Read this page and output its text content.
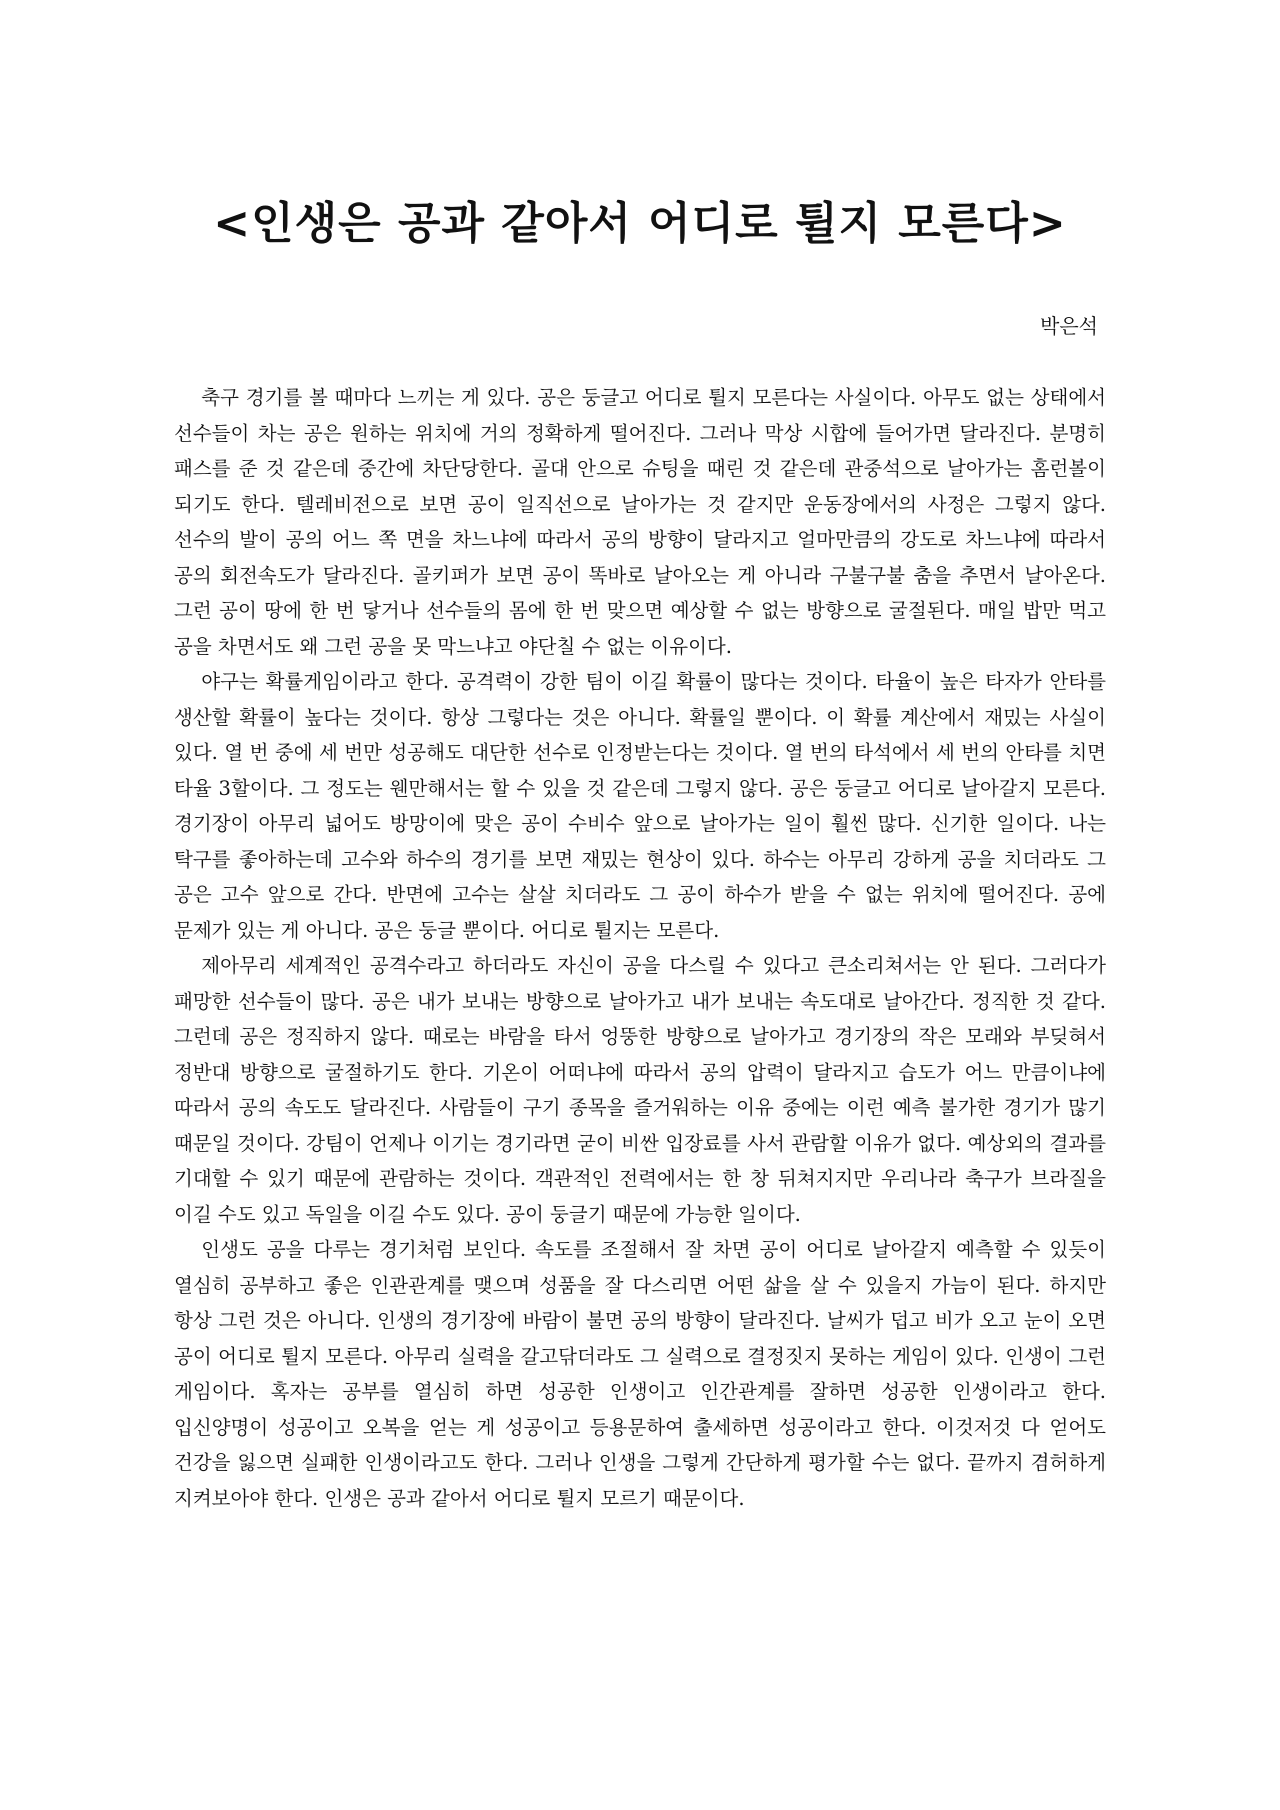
<인생은 공과 같아서 어디로 튈지 모른다>
박은석

축구 경기를 볼 때마다 느끼는 게 있다. 공은 둥글고 어디로 튈지 모른다는 사실이다. 아무도 없는 상태에서 선수들이 차는 공은 원하는 위치에 거의 정확하게 떨어진다. 그러나 막상 시합에 들어가면 달라진다. 분명히 패스를 준 것 같은데 중간에 차단당한다. 골대 안으로 슈팅을 때린 것 같은데 관중석으로 날아가는 홈런볼이 되기도 한다. 텔레비전으로 보면 공이 일직선으로 날아가는 것 같지만 운동장에서의 사정은 그렇지 않다. 선수의 발이 공의 어느 쪽 면을 차느냐에 따라서 공의 방향이 달라지고 얼마만큼의 강도로 차느냐에 따라서 공의 회전속도가 달라진다. 골키퍼가 보면 공이 똑바로 날아오는 게 아니라 구불구불 춤을 추면서 날아온다. 그런 공이 땅에 한 번 닿거나 선수들의 몸에 한 번 맞으면 예상할 수 없는 방향으로 굴절된다. 매일 밥만 먹고 공을 차면서도 왜 그런 공을 못 막느냐고 야단칠 수 없는 이유이다.

야구는 확률게임이라고 한다. 공격력이 강한 팀이 이길 확률이 많다는 것이다. 타율이 높은 타자가 안타를 생산할 확률이 높다는 것이다. 항상 그렇다는 것은 아니다. 확률일 뿐이다. 이 확률 계산에서 재밌는 사실이 있다. 열 번 중에 세 번만 성공해도 대단한 선수로 인정받는다는 것이다. 열 번의 타석에서 세 번의 안타를 치면 타율 3할이다. 그 정도는 웬만해서는 할 수 있을 것 같은데 그렇지 않다. 공은 둥글고 어디로 날아갈지 모른다. 경기장이 아무리 넓어도 방망이에 맞은 공이 수비수 앞으로 날아가는 일이 훨씬 많다. 신기한 일이다. 나는 탁구를 좋아하는데 고수와 하수의 경기를 보면 재밌는 현상이 있다. 하수는 아무리 강하게 공을 치더라도 그 공은 고수 앞으로 간다. 반면에 고수는 살살 치더라도 그 공이 하수가 받을 수 없는 위치에 떨어진다. 공에 문제가 있는 게 아니다. 공은 둥글 뿐이다. 어디로 튈지는 모른다.

제아무리 세계적인 공격수라고 하더라도 자신이 공을 다스릴 수 있다고 큰소리쳐서는 안 된다. 그러다가 패망한 선수들이 많다. 공은 내가 보내는 방향으로 날아가고 내가 보내는 속도대로 날아간다. 정직한 것 같다. 그런데 공은 정직하지 않다. 때로는 바람을 타서 엉뚱한 방향으로 날아가고 경기장의 작은 모래와 부딪혀서 정반대 방향으로 굴절하기도 한다. 기온이 어떠냐에 따라서 공의 압력이 달라지고 습도가 어느 만큼이냐에 따라서 공의 속도도 달라진다. 사람들이 구기 종목을 즐거워하는 이유 중에는 이런 예측 불가한 경기가 많기 때문일 것이다. 강팀이 언제나 이기는 경기라면 굳이 비싼 입장료를 사서 관람할 이유가 없다. 예상외의 결과를 기대할 수 있기 때문에 관람하는 것이다. 객관적인 전력에서는 한 창 뒤쳐지지만 우리나라 축구가 브라질을 이길 수도 있고 독일을 이길 수도 있다. 공이 둥글기 때문에 가능한 일이다.

인생도 공을 다루는 경기처럼 보인다. 속도를 조절해서 잘 차면 공이 어디로 날아갈지 예측할 수 있듯이 열심히 공부하고 좋은 인관관계를 맺으며 성품을 잘 다스리면 어떤 삶을 살 수 있을지 가늠이 된다. 하지만 항상 그런 것은 아니다. 인생의 경기장에 바람이 불면 공의 방향이 달라진다. 날씨가 덥고 비가 오고 눈이 오면 공이 어디로 튈지 모른다. 아무리 실력을 갈고닦더라도 그 실력으로 결정짓지 못하는 게임이 있다. 인생이 그런 게임이다. 혹자는 공부를 열심히 하면 성공한 인생이고 인간관계를 잘하면 성공한 인생이라고 한다. 입신양명이 성공이고 오복을 얻는 게 성공이고 등용문하여 출세하면 성공이라고 한다. 이것저것 다 얻어도 건강을 잃으면 실패한 인생이라고도 한다. 그러나 인생을 그렇게 간단하게 평가할 수는 없다. 끝까지 겸허하게 지켜보아야 한다. 인생은 공과 같아서 어디로 튈지 모르기 때문이다.
